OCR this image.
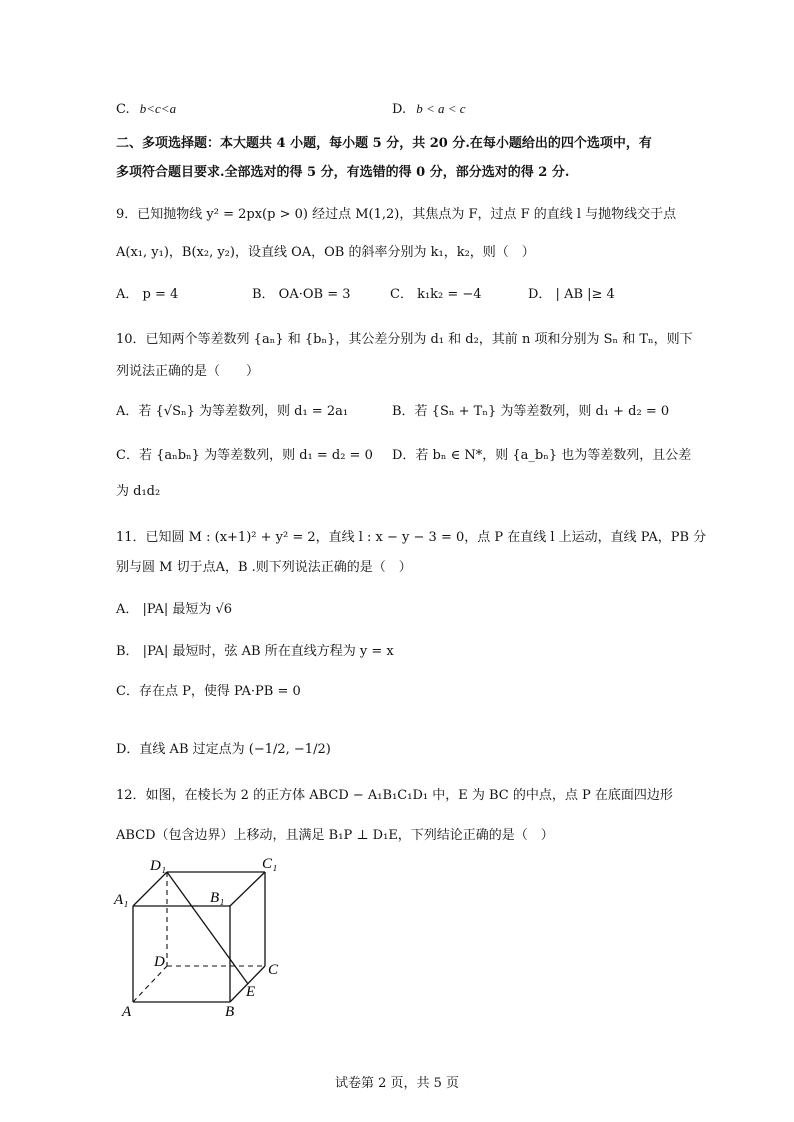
C. b<c<a	D. b < a < c
二、多项选择题：本大题共 4 小题，每小题 5 分，共 20 分.在每小题给出的四个选项中，有
多项符合题目要求.全部选对的得 5 分，有选错的得 0 分，部分选对的得 2 分.
9．已知抛物线 y² = 2px(p > 0) 经过点 M(1,2)，其焦点为 F，过点 F 的直线 l 与抛物线交于点
A(x₁, y₁)，B(x₂, y₂)，设直线 OA，OB 的斜率分别为 k₁，k₂，则（　）
A． p = 4	B． OA·OB = 3	C． k₁k₂ = −4	D． | AB |≥ 4
10．已知两个等差数列 {aₙ} 和 {bₙ}，其公差分别为 d₁ 和 d₂，其前 n 项和分别为 Sₙ 和 Tₙ，则下
列说法正确的是（　　）
A．若 {√Sₙ} 为等差数列，则 d₁ = 2a₁	B．若 {Sₙ + Tₙ} 为等差数列，则 d₁ + d₂ = 0
C．若 {aₙbₙ} 为等差数列，则 d₁ = d₂ = 0 D．若 bₙ ∈ N*，则 {a_bₙ} 也为等差数列，且公差
为 d₁d₂
11．已知圆 M : (x+1)² + y² = 2，直线 l : x − y − 3 = 0，点 P 在直线 l 上运动，直线 PA，PB 分
别与圆 M 切于点A，B .则下列说法正确的是（　）
A． |PA| 最短为 √6
B． |PA| 最短时，弦 AB 所在直线方程为 y = x
C．存在点 P，使得 PA·PB = 0
D．直线 AB 过定点为 (−1/2, −1/2)
12．如图，在棱长为 2 的正方体 ABCD − A₁B₁C₁D₁ 中，E 为 BC 的中点，点 P 在底面四边形
ABCD（包含边界）上移动，且满足 B₁P ⊥ D₁E，下列结论正确的是（　）
D₁	C₁
A₁	B₁
D	C
E
A	B
试卷第 2 页，共 5 页
